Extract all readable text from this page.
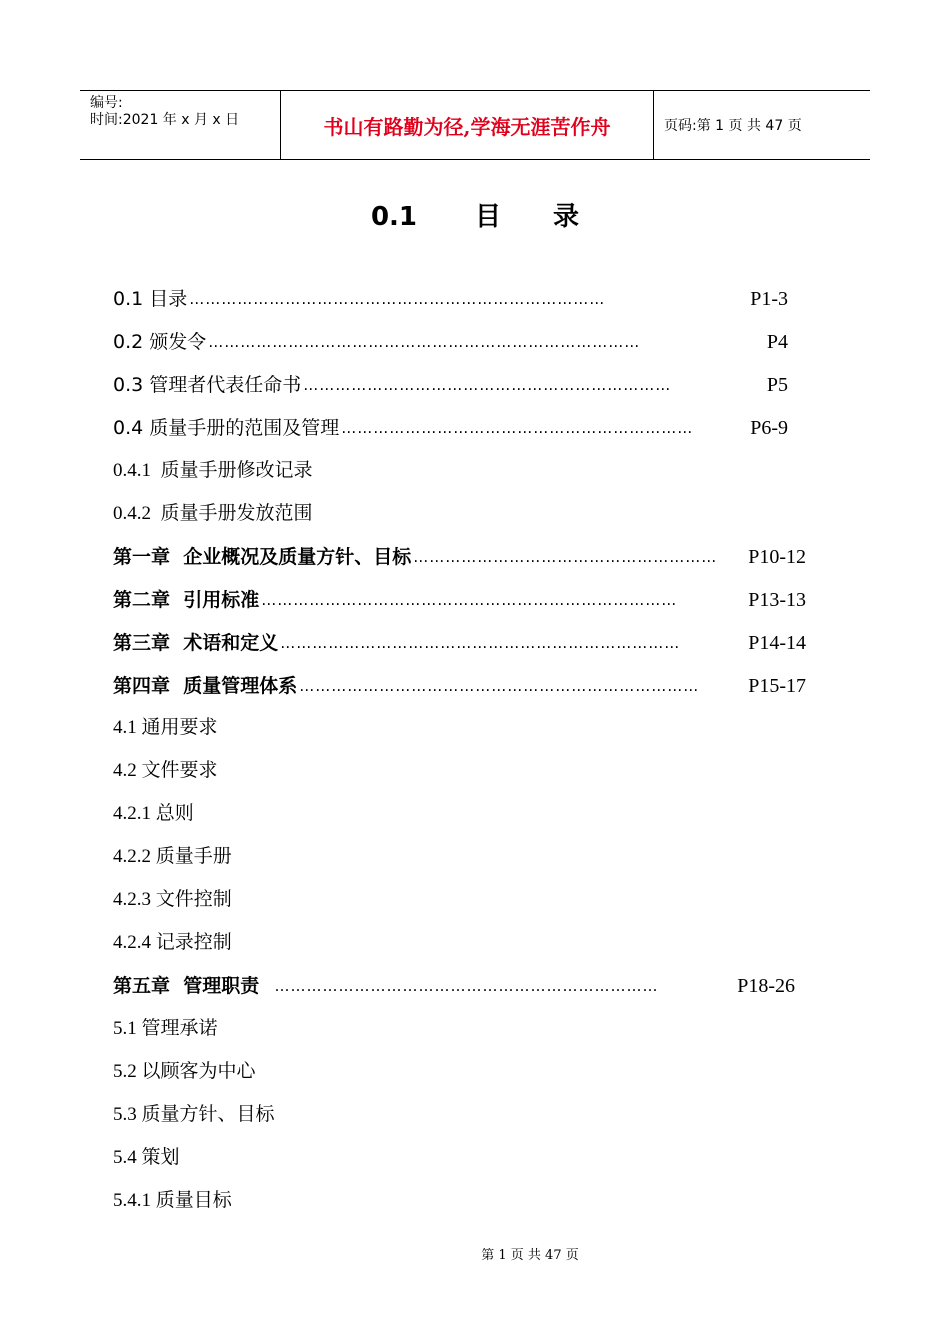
编号:
时间:2021 年 x 月 x 日	书山有路勤为径,学海无涯苦作舟	页码:第 1 页 共 47 页
0.1 目 录
0.1 目录 ……………………………………………………………………	P1-3
0.2 颁发令 ………………………………………………………………………	P4
0.3 管理者代表任命书 ……………………………………………………………	P5
0.4 质量手册的范围及管理 …………………………………………………………	P6-9
0.4.1  质量手册修改记录
0.4.2  质量手册发放范围
第一章  企业概况及质量方针、目标 …………………………………………………	P10-12
第二章  引用标准 ……………………………………………………………………	P13-13
第三章  术语和定义 …………………………………………………………………	P14-14
第四章  质量管理体系 …………………………………………………………………	P15-17
4.1 通用要求
4.2 文件要求
4.2.1 总则
4.2.2 质量手册
4.2.3 文件控制
4.2.4 记录控制
第五章  管理职责 ………………………………………………………………	P18-26
5.1 管理承诺
5.2 以顾客为中心
5.3 质量方针、目标
5.4 策划
5.4.1 质量目标
第 1 页 共 47 页
